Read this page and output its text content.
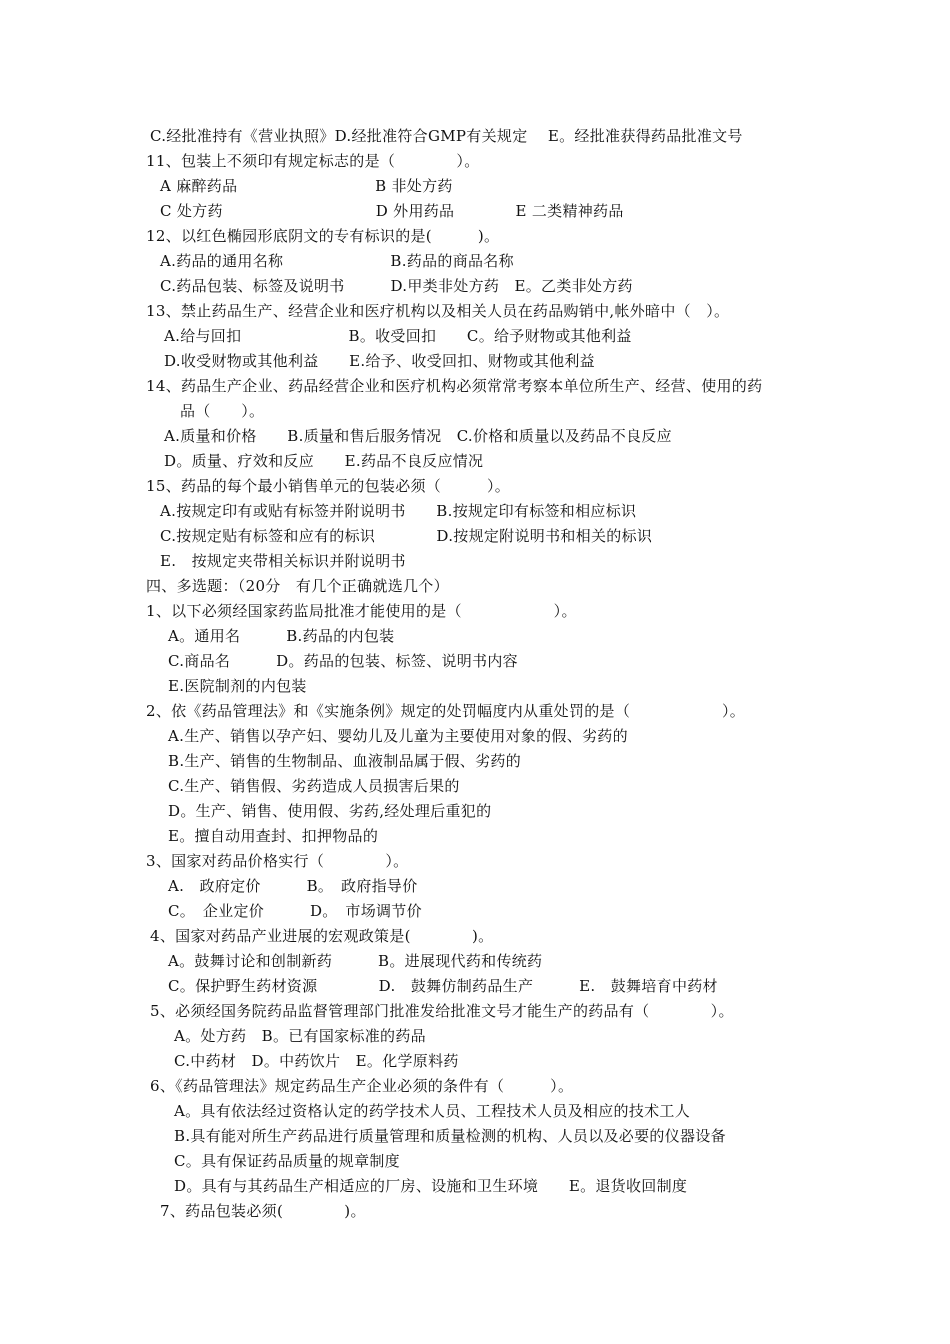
C.经批准持有《营业执照》D.经批准符合GMP有关规定　 E。经批准获得药品批准文号
11、包装上不须印有规定标志的是（　　　　）。
A 麻醉药品　　　　　　　　　B 非处方药
C 处方药　　　　　　　　　　D 外用药品　　　　E 二类精神药品
12、以红色椭园形底阴文的专有标识的是(　　　)。
A.药品的通用名称　　　　　　　B.药品的商品名称
C.药品包装、标签及说明书　　　D.甲类非处方药　E。乙类非处方药
13、禁止药品生产、经营企业和医疗机构以及相关人员在药品购销中,帐外暗中（　）。
A.给与回扣　　　　　　　B。收受回扣　　C。给予财物或其他利益
D.收受财物或其他利益　　E.给予、收受回扣、财物或其他利益
14、药品生产企业、药品经营企业和医疗机构必须常常考察本单位所生产、经营、使用的药
品（　　）。
A.质量和价格　　B.质量和售后服务情况　C.价格和质量以及药品不良反应
D。质量、疗效和反应　　E.药品不良反应情况
15、药品的每个最小销售单元的包装必须（　　　）。
A.按规定印有或贴有标签并附说明书　　B.按规定印有标签和相应标识
C.按规定贴有标签和应有的标识　　　　D.按规定附说明书和相关的标识
E.　按规定夹带相关标识并附说明书
四、多选题：（20分　有几个正确就选几个）
1、以下必须经国家药监局批准才能使用的是（　　　　　　）。
A。通用名　　　B.药品的内包装
C.商品名　　　D。药品的包装、标签、说明书内容
E.医院制剂的内包装
2、依《药品管理法》和《实施条例》规定的处罚幅度内从重处罚的是（　　　　　　）。
A.生产、销售以孕产妇、婴幼儿及儿童为主要使用对象的假、劣药的
B.生产、销售的生物制品、血液制品属于假、劣药的
C.生产、销售假、劣药造成人员损害后果的
D。生产、销售、使用假、劣药,经处理后重犯的
E。擅自动用查封、扣押物品的
3、国家对药品价格实行（　　　　）。
A.　政府定价　　　B。　政府指导价
C。　企业定价　　　D。　市场调节价
4、国家对药品产业进展的宏观政策是(　　　　)。
A。鼓舞讨论和创制新药　　　B。进展现代药和传统药
C。保护野生药材资源　　　　D.　鼓舞仿制药品生产　　　E.　鼓舞培育中药材
5、必须经国务院药品监督管理部门批准发给批准文号才能生产的药品有（　　　　）。
A。处方药　B。已有国家标准的药品
C.中药材　D。中药饮片　E。化学原料药
6、《药品管理法》规定药品生产企业必须的条件有（　　　）。
A。具有依法经过资格认定的药学技术人员、工程技术人员及相应的技术工人
B.具有能对所生产药品进行质量管理和质量检测的机构、人员以及必要的仪器设备
C。具有保证药品质量的规章制度
D。具有与其药品生产相适应的厂房、设施和卫生环境　　E。退货收回制度
7、药品包装必须(　　　　)。
